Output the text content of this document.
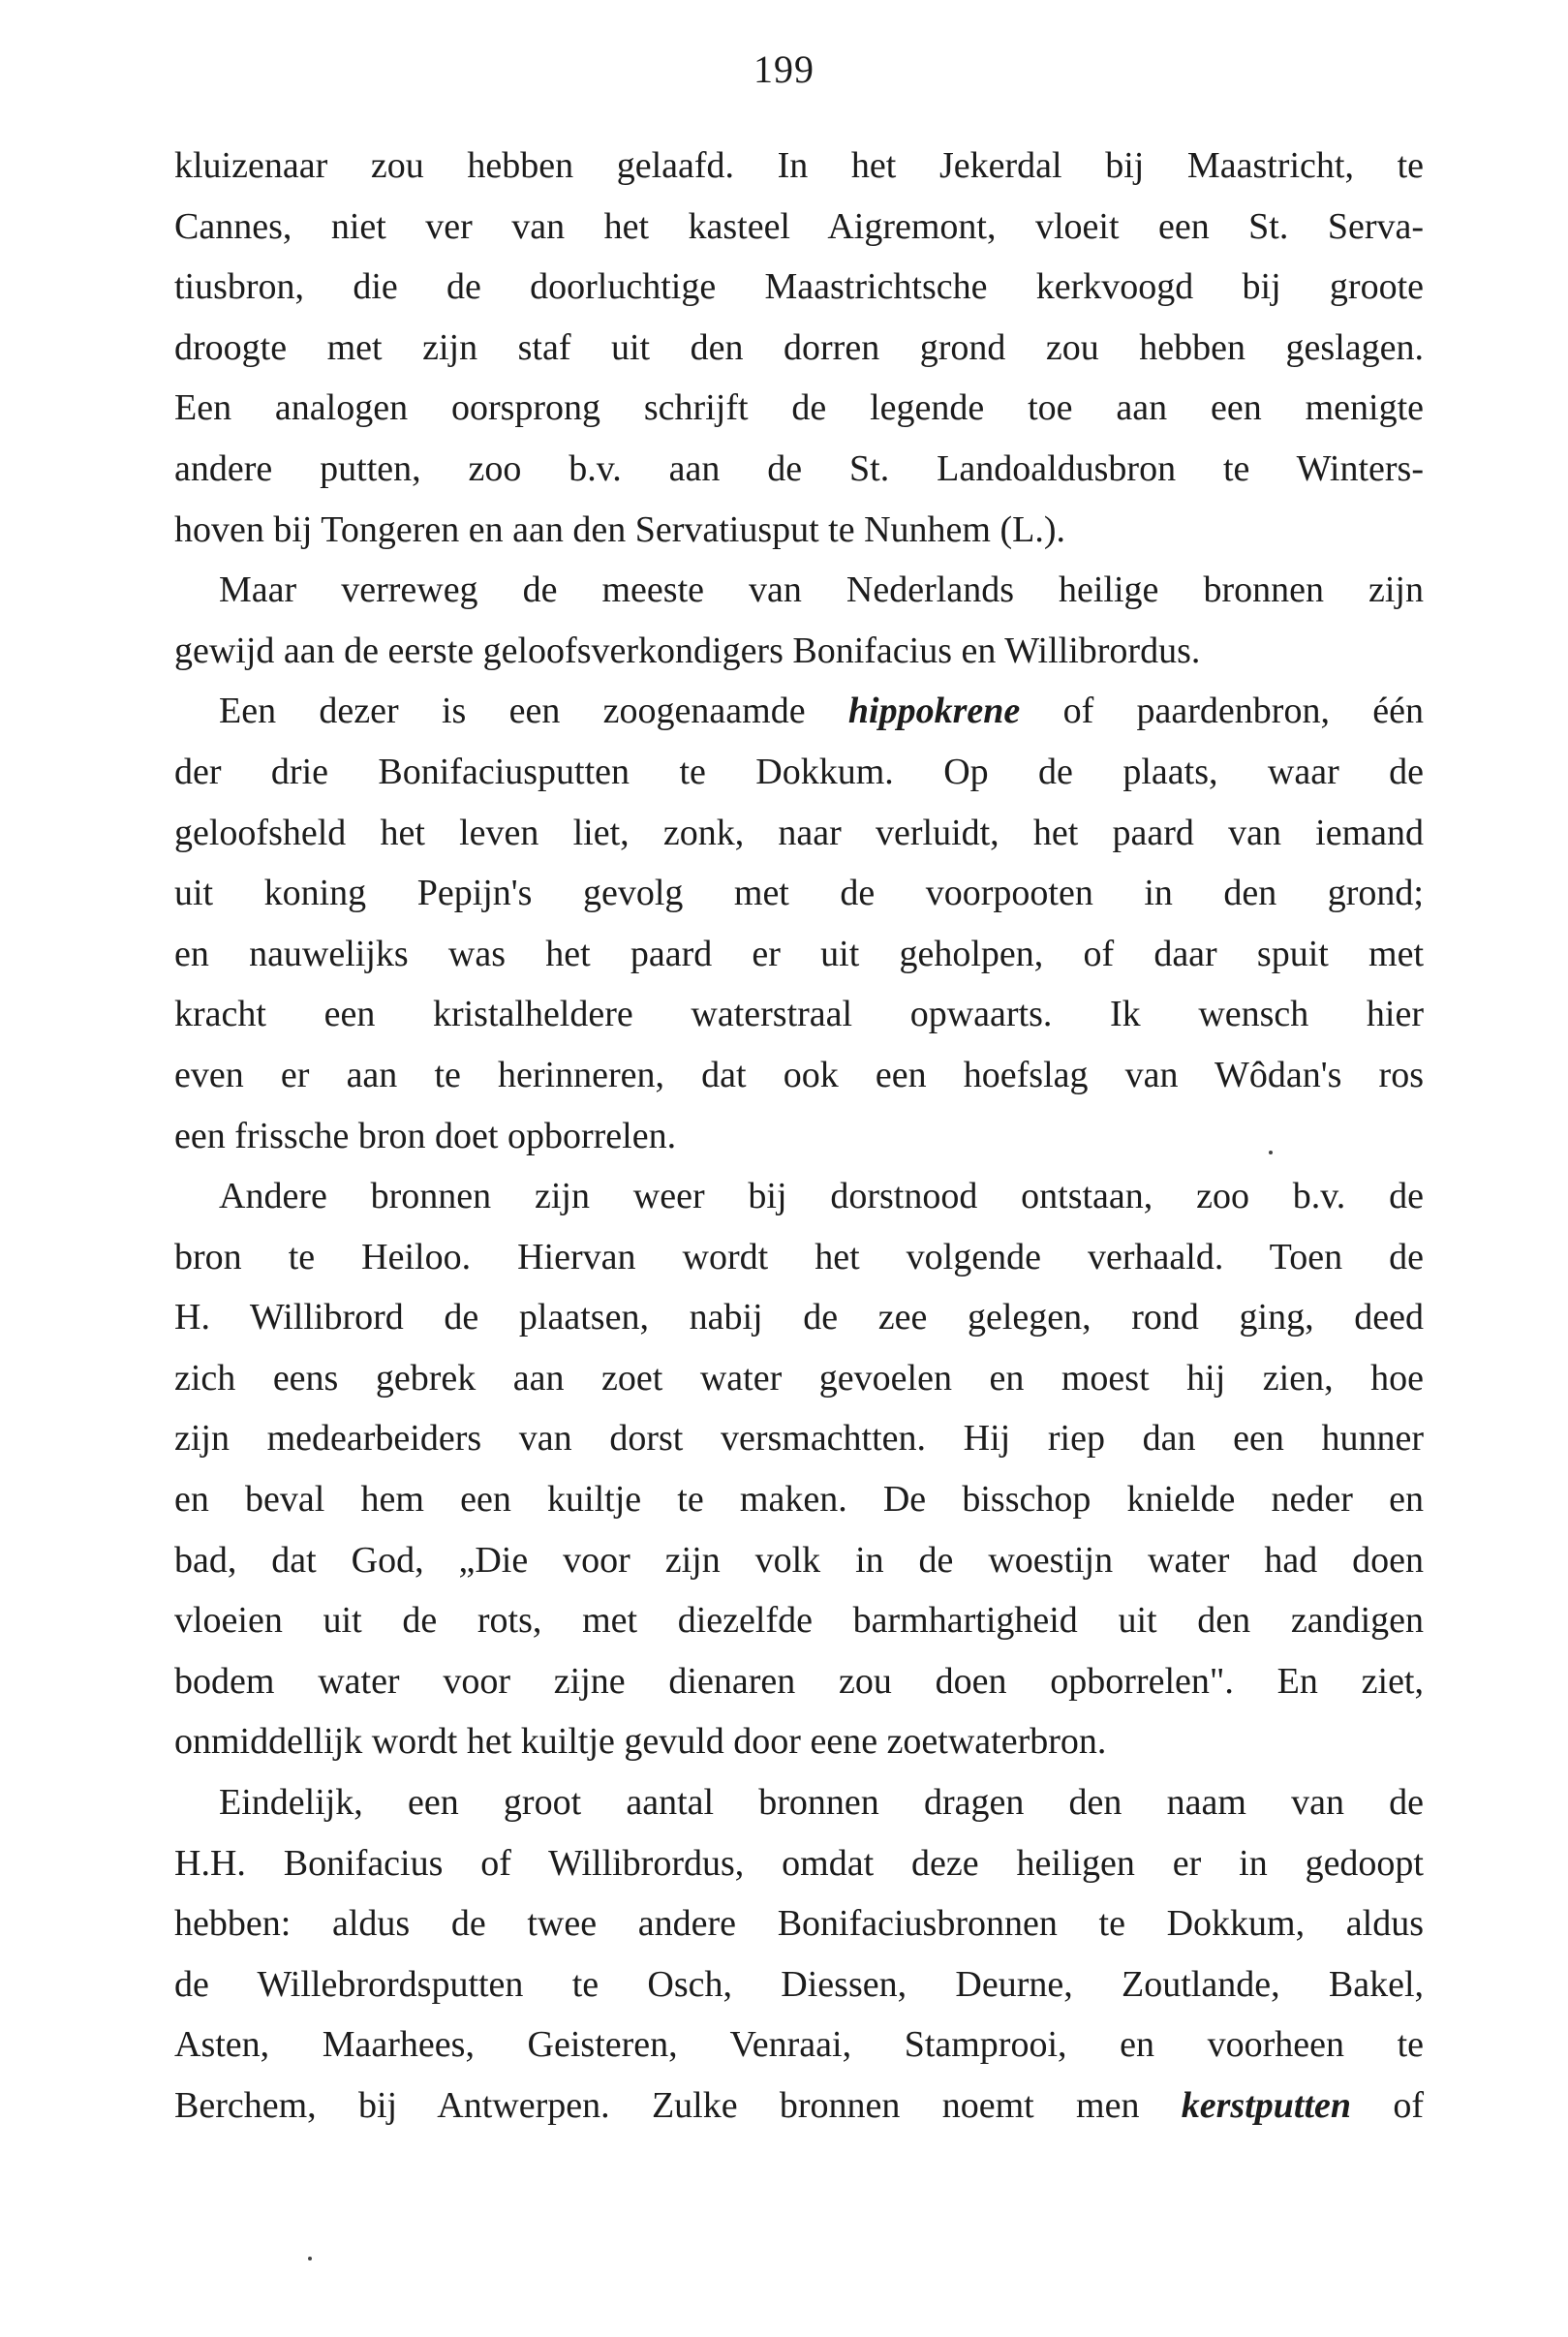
199
kluizenaar zou hebben gelaafd. In het Jekerdal bij Maastricht, te
Cannes, niet ver van het kasteel Aigremont, vloeit een St. Serva-
tiusbron, die de doorluchtige Maastrichtsche kerkvoogd bij groote
droogte met zijn staf uit den dorren grond zou hebben geslagen.
Een analogen oorsprong schrijft de legende toe aan een menigte
andere putten, zoo b.v. aan de St. Landoaldusbron te Winters-
hoven bij Tongeren en aan den Servatiusput te Nunhem (L.).
Maar verreweg de meeste van Nederlands heilige bronnen zijn
gewijd aan de eerste geloofsverkondigers Bonifacius en Willibrordus.
Een dezer is een zoogenaamde hippokrene of paardenbron, één
der drie Bonifaciusputten te Dokkum. Op de plaats, waar de
geloofsheld het leven liet, zonk, naar verluidt, het paard van iemand
uit koning Pepijn's gevolg met de voorpooten in den grond;
en nauwelijks was het paard er uit geholpen, of daar spuit met
kracht een kristalheldere waterstraal opwaarts. Ik wensch hier
even er aan te herinneren, dat ook een hoefslag van Wôdan's ros
een frissche bron doet opborrelen.
Andere bronnen zijn weer bij dorstnood ontstaan, zoo b.v. de
bron te Heiloo. Hiervan wordt het volgende verhaald. Toen de
H. Willibrord de plaatsen, nabij de zee gelegen, rond ging, deed
zich eens gebrek aan zoet water gevoelen en moest hij zien, hoe
zijn medearbeiders van dorst versmachtten. Hij riep dan een hunner
en beval hem een kuiltje te maken. De bisschop knielde neder en
bad, dat God, „Die voor zijn volk in de woestijn water had doen
vloeien uit de rots, met diezelfde barmhartigheid uit den zandigen
bodem water voor zijne dienaren zou doen opborrelen". En ziet,
onmiddellijk wordt het kuiltje gevuld door eene zoetwaterbron.
Eindelijk, een groot aantal bronnen dragen den naam van de
H.H. Bonifacius of Willibrordus, omdat deze heiligen er in gedoopt
hebben: aldus de twee andere Bonifaciusbronnen te Dokkum, aldus
de Willebrordsputten te Osch, Diessen, Deurne, Zoutlande, Bakel,
Asten, Maarhees, Geisteren, Venraai, Stamprooi, en voorheen te
Berchem, bij Antwerpen. Zulke bronnen noemt men kerstputten of
